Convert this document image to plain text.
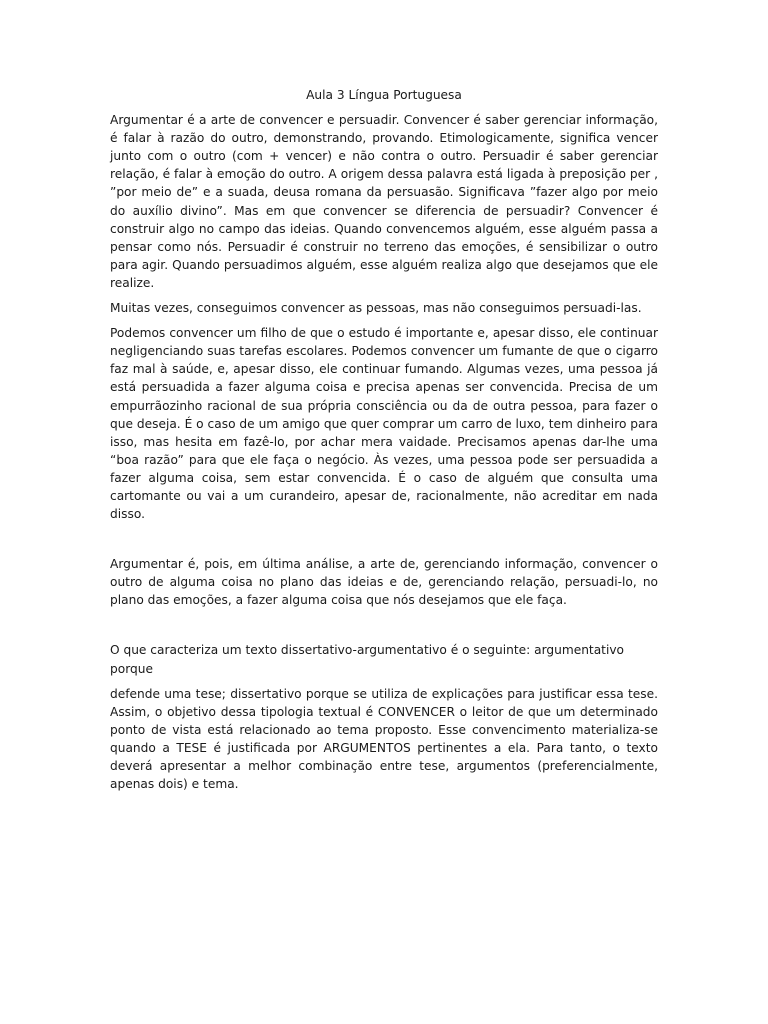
Aula 3 Língua Portuguesa
Argumentar é a arte de convencer e persuadir. Convencer é saber gerenciar informação, é falar à razão do outro, demonstrando, provando. Etimologicamente, significa vencer junto com o outro (com + vencer) e não contra o outro. Persuadir é saber gerenciar relação, é falar à emoção do outro. A origem dessa palavra está ligada à preposição per , ”por meio de” e a suada, deusa romana da persuasão. Significava ”fazer algo por meio do auxílio divino”. Mas em que convencer se diferencia de persuadir? Convencer é construir algo no campo das ideias. Quando convencemos alguém, esse alguém passa a pensar como nós. Persuadir é construir no terreno das emoções, é sensibilizar o outro para agir. Quando persuadimos alguém, esse alguém realiza algo que desejamos que ele realize.
Muitas vezes, conseguimos convencer as pessoas, mas não conseguimos persuadi-las.
Podemos convencer um filho de que o estudo é importante e, apesar disso, ele continuar negligenciando suas tarefas escolares. Podemos convencer um fumante de que o cigarro faz mal à saúde, e, apesar disso, ele continuar fumando. Algumas vezes, uma pessoa já está persuadida a fazer alguma coisa e precisa apenas ser convencida. Precisa de um empurrãozinho racional de sua própria consciência ou da de outra pessoa, para fazer o que deseja. É o caso de um amigo que quer comprar um carro de luxo, tem dinheiro para isso, mas hesita em fazê-lo, por achar mera vaidade. Precisamos apenas dar-lhe uma “boa razão” para que ele faça o negócio. Às vezes, uma pessoa pode ser persuadida a fazer alguma coisa, sem estar convencida. É o caso de alguém que consulta uma cartomante ou vai a um curandeiro, apesar de, racionalmente, não acreditar em nada disso.
Argumentar é, pois, em última análise, a arte de, gerenciando informação, convencer o outro de alguma coisa no plano das ideias e de, gerenciando relação, persuadi-lo, no plano das emoções, a fazer alguma coisa que nós desejamos que ele faça.
O que caracteriza um texto dissertativo-argumentativo é o seguinte: argumentativo porque
defende uma tese; dissertativo porque se utiliza de explicações para justificar essa tese. Assim, o objetivo dessa tipologia textual é CONVENCER o leitor de que um determinado ponto de vista está relacionado ao tema proposto. Esse convencimento materializa-se quando a TESE é justificada por ARGUMENTOS pertinentes a ela. Para tanto, o texto deverá apresentar a melhor combinação entre tese, argumentos (preferencialmente, apenas dois) e tema.
